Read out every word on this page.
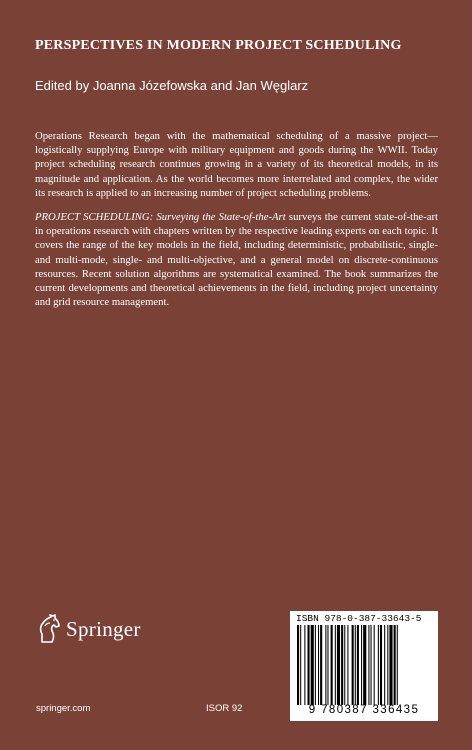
PERSPECTIVES IN MODERN PROJECT SCHEDULING

Edited by Joanna Józefowska and Jan Węglarz

Operations Research began with the mathematical scheduling of a massive project—logistically supplying Europe with military equipment and goods during the WWII. Today project scheduling research continues growing in a variety of its theoretical models, in its magnitude and application. As the world becomes more interrelated and complex, the wider its research is applied to an increasing number of project scheduling problems.

PROJECT SCHEDULING: Surveying the State-of-the-Art surveys the current state-of-the-art in operations research with chapters written by the respective leading experts on each topic. It covers the range of the key models in the field, including deterministic, probabilistic, single- and multi-mode, single- and multi-objective, and a general model on discrete-continuous resources. Recent solution algorithms are systematical examined. The book summarizes the current developments and theoretical achievements in the field, including project uncertainty and grid resource management.

Springer
springer.com	ISOR 92
ISBN 978-0-387-33643-5
9 780387 336435
